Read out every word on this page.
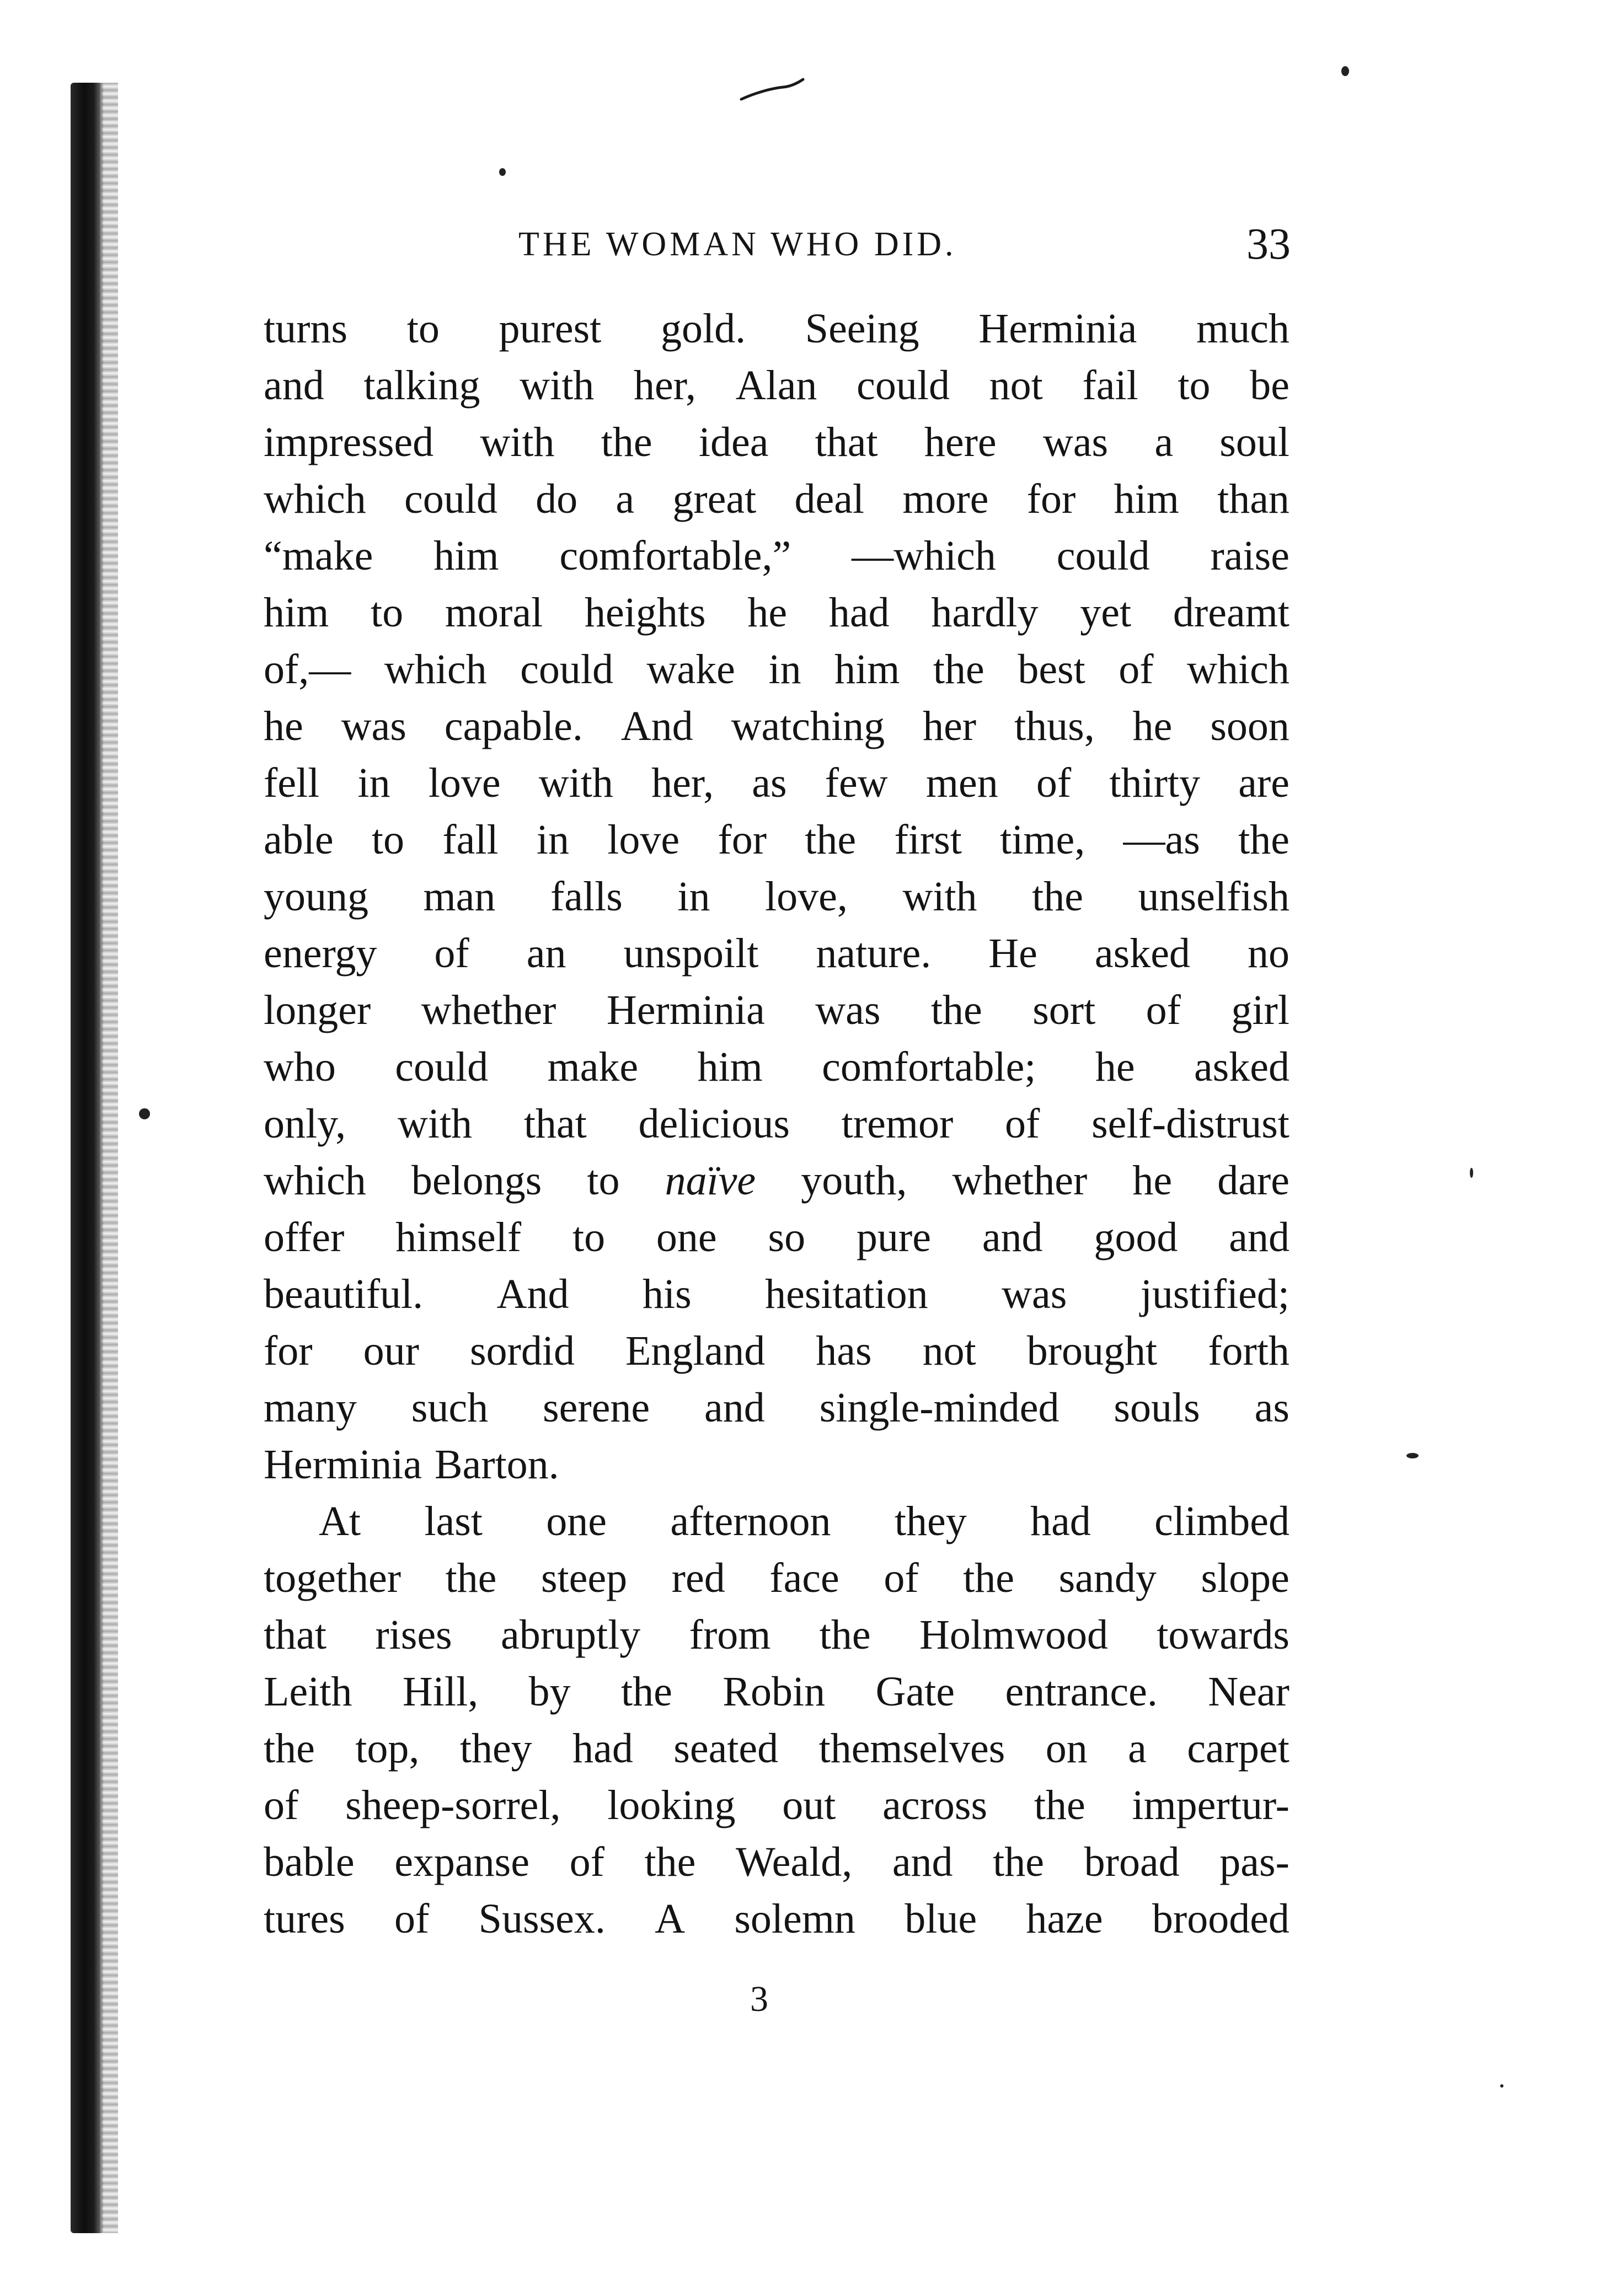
THE WOMAN WHO DID.	33
turns to purest gold. Seeing Herminia much
and talking with her, Alan could not fail to be
impressed with the idea that here was a soul
which could do a great deal more for him than
“make him comfortable,” —which could raise
him to moral heights he had hardly yet dreamt
of,— which could wake in him the best of which
he was capable. And watching her thus, he soon
fell in love with her, as few men of thirty are
able to fall in love for the first time, —as the
young man falls in love, with the unselfish
energy of an unspoilt nature. He asked no
longer whether Herminia was the sort of girl
who could make him comfortable; he asked
only, with that delicious tremor of self-distrust
which belongs to naïve youth, whether he dare
offer himself to one so pure and good and
beautiful. And his hesitation was justified;
for our sordid England has not brought forth
many such serene and single-minded souls as
Herminia Barton.
At last one afternoon they had climbed
together the steep red face of the sandy slope
that rises abruptly from the Holmwood towards
Leith Hill, by the Robin Gate entrance. Near
the top, they had seated themselves on a carpet
of sheep-sorrel, looking out across the impertur-
bable expanse of the Weald, and the broad pas-
tures of Sussex. A solemn blue haze brooded
3
